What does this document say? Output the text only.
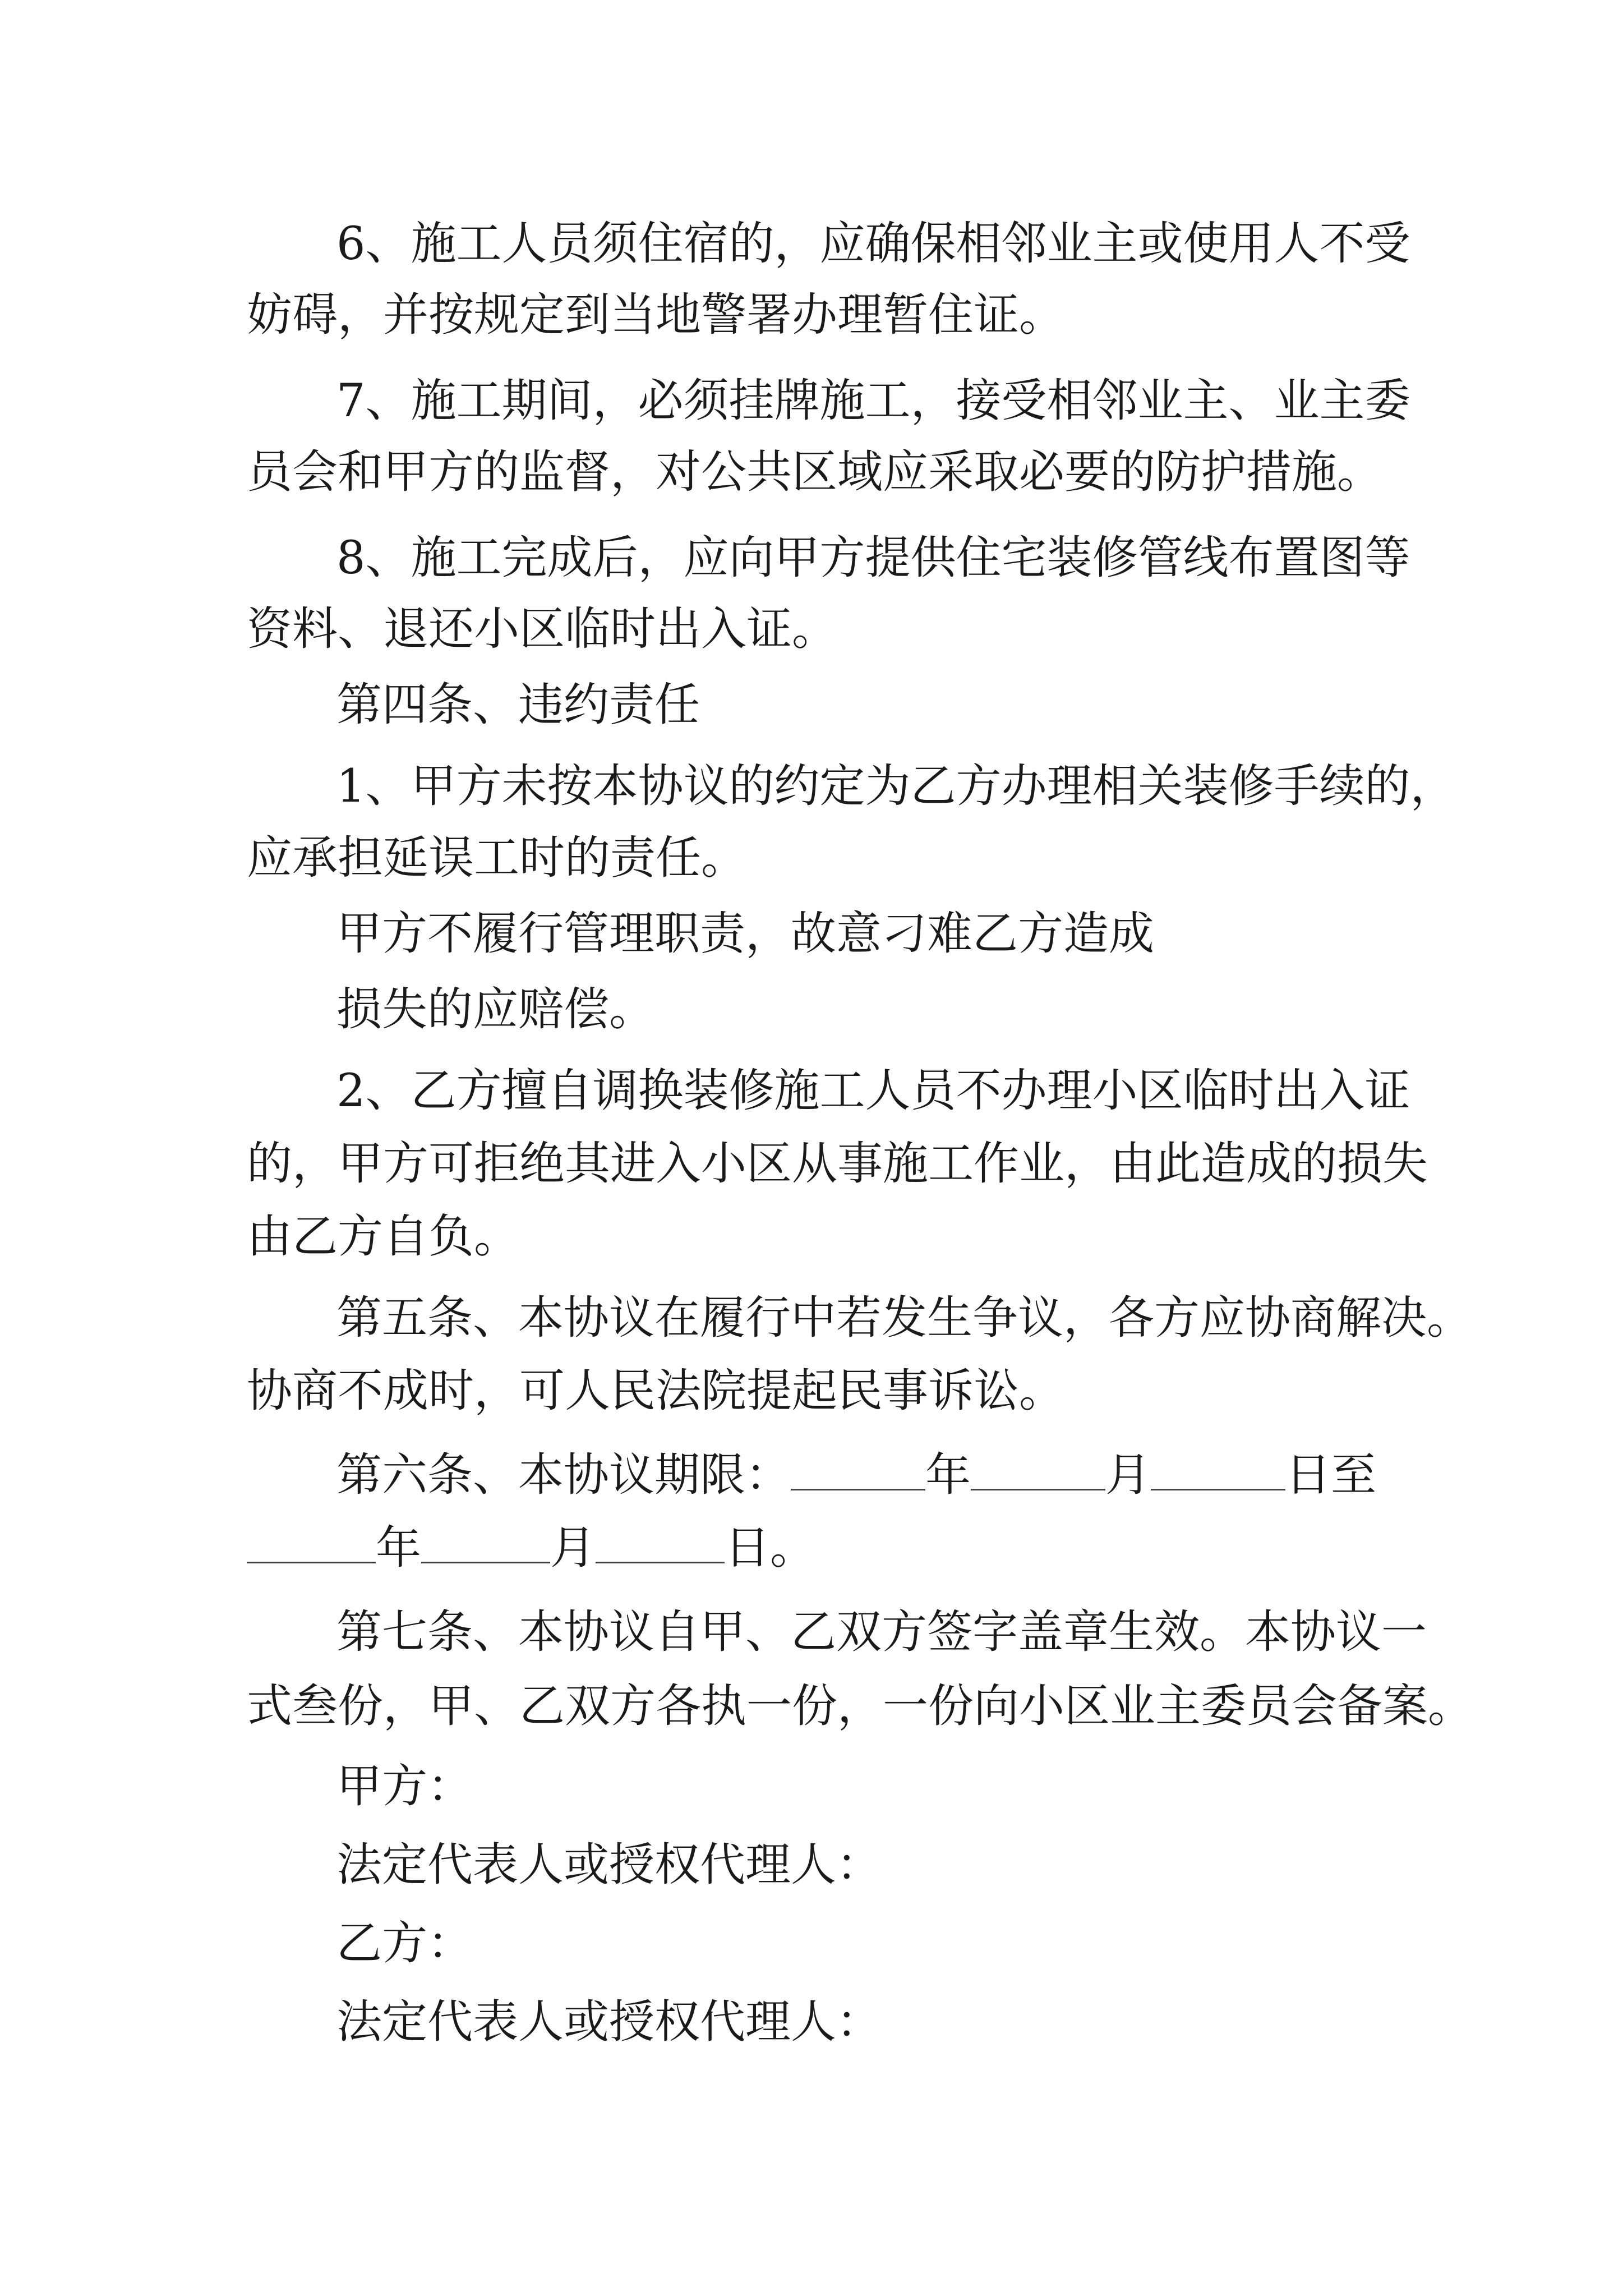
6、施工人员须住宿的，应确保相邻业主或使用人不受
妨碍，并按规定到当地警署办理暂住证。
7、施工期间，必须挂牌施工，接受相邻业主、业主委
员会和甲方的监督，对公共区域应采取必要的防护措施。
8、施工完成后，应向甲方提供住宅装修管线布置图等
资料、退还小区临时出入证。
第四条、违约责任
1、甲方未按本协议的约定为乙方办理相关装修手续的，
应承担延误工时的责任。
甲方不履行管理职责，故意刁难乙方造成
损失的应赔偿。
2、乙方擅自调换装修施工人员不办理小区临时出入证
的，甲方可拒绝其进入小区从事施工作业，由此造成的损失
由乙方自负。
第五条、本协议在履行中若发生争议，各方应协商解决。
协商不成时，可人民法院提起民事诉讼。
第六条、本协议期限：	年	月	日至
年	月	日。
第七条、本协议自甲、乙双方签字盖章生效。本协议一
式叁份，甲、乙双方各执一份，一份向小区业主委员会备案。
甲方：
法定代表人或授权代理人：
乙方：
法定代表人或授权代理人：
